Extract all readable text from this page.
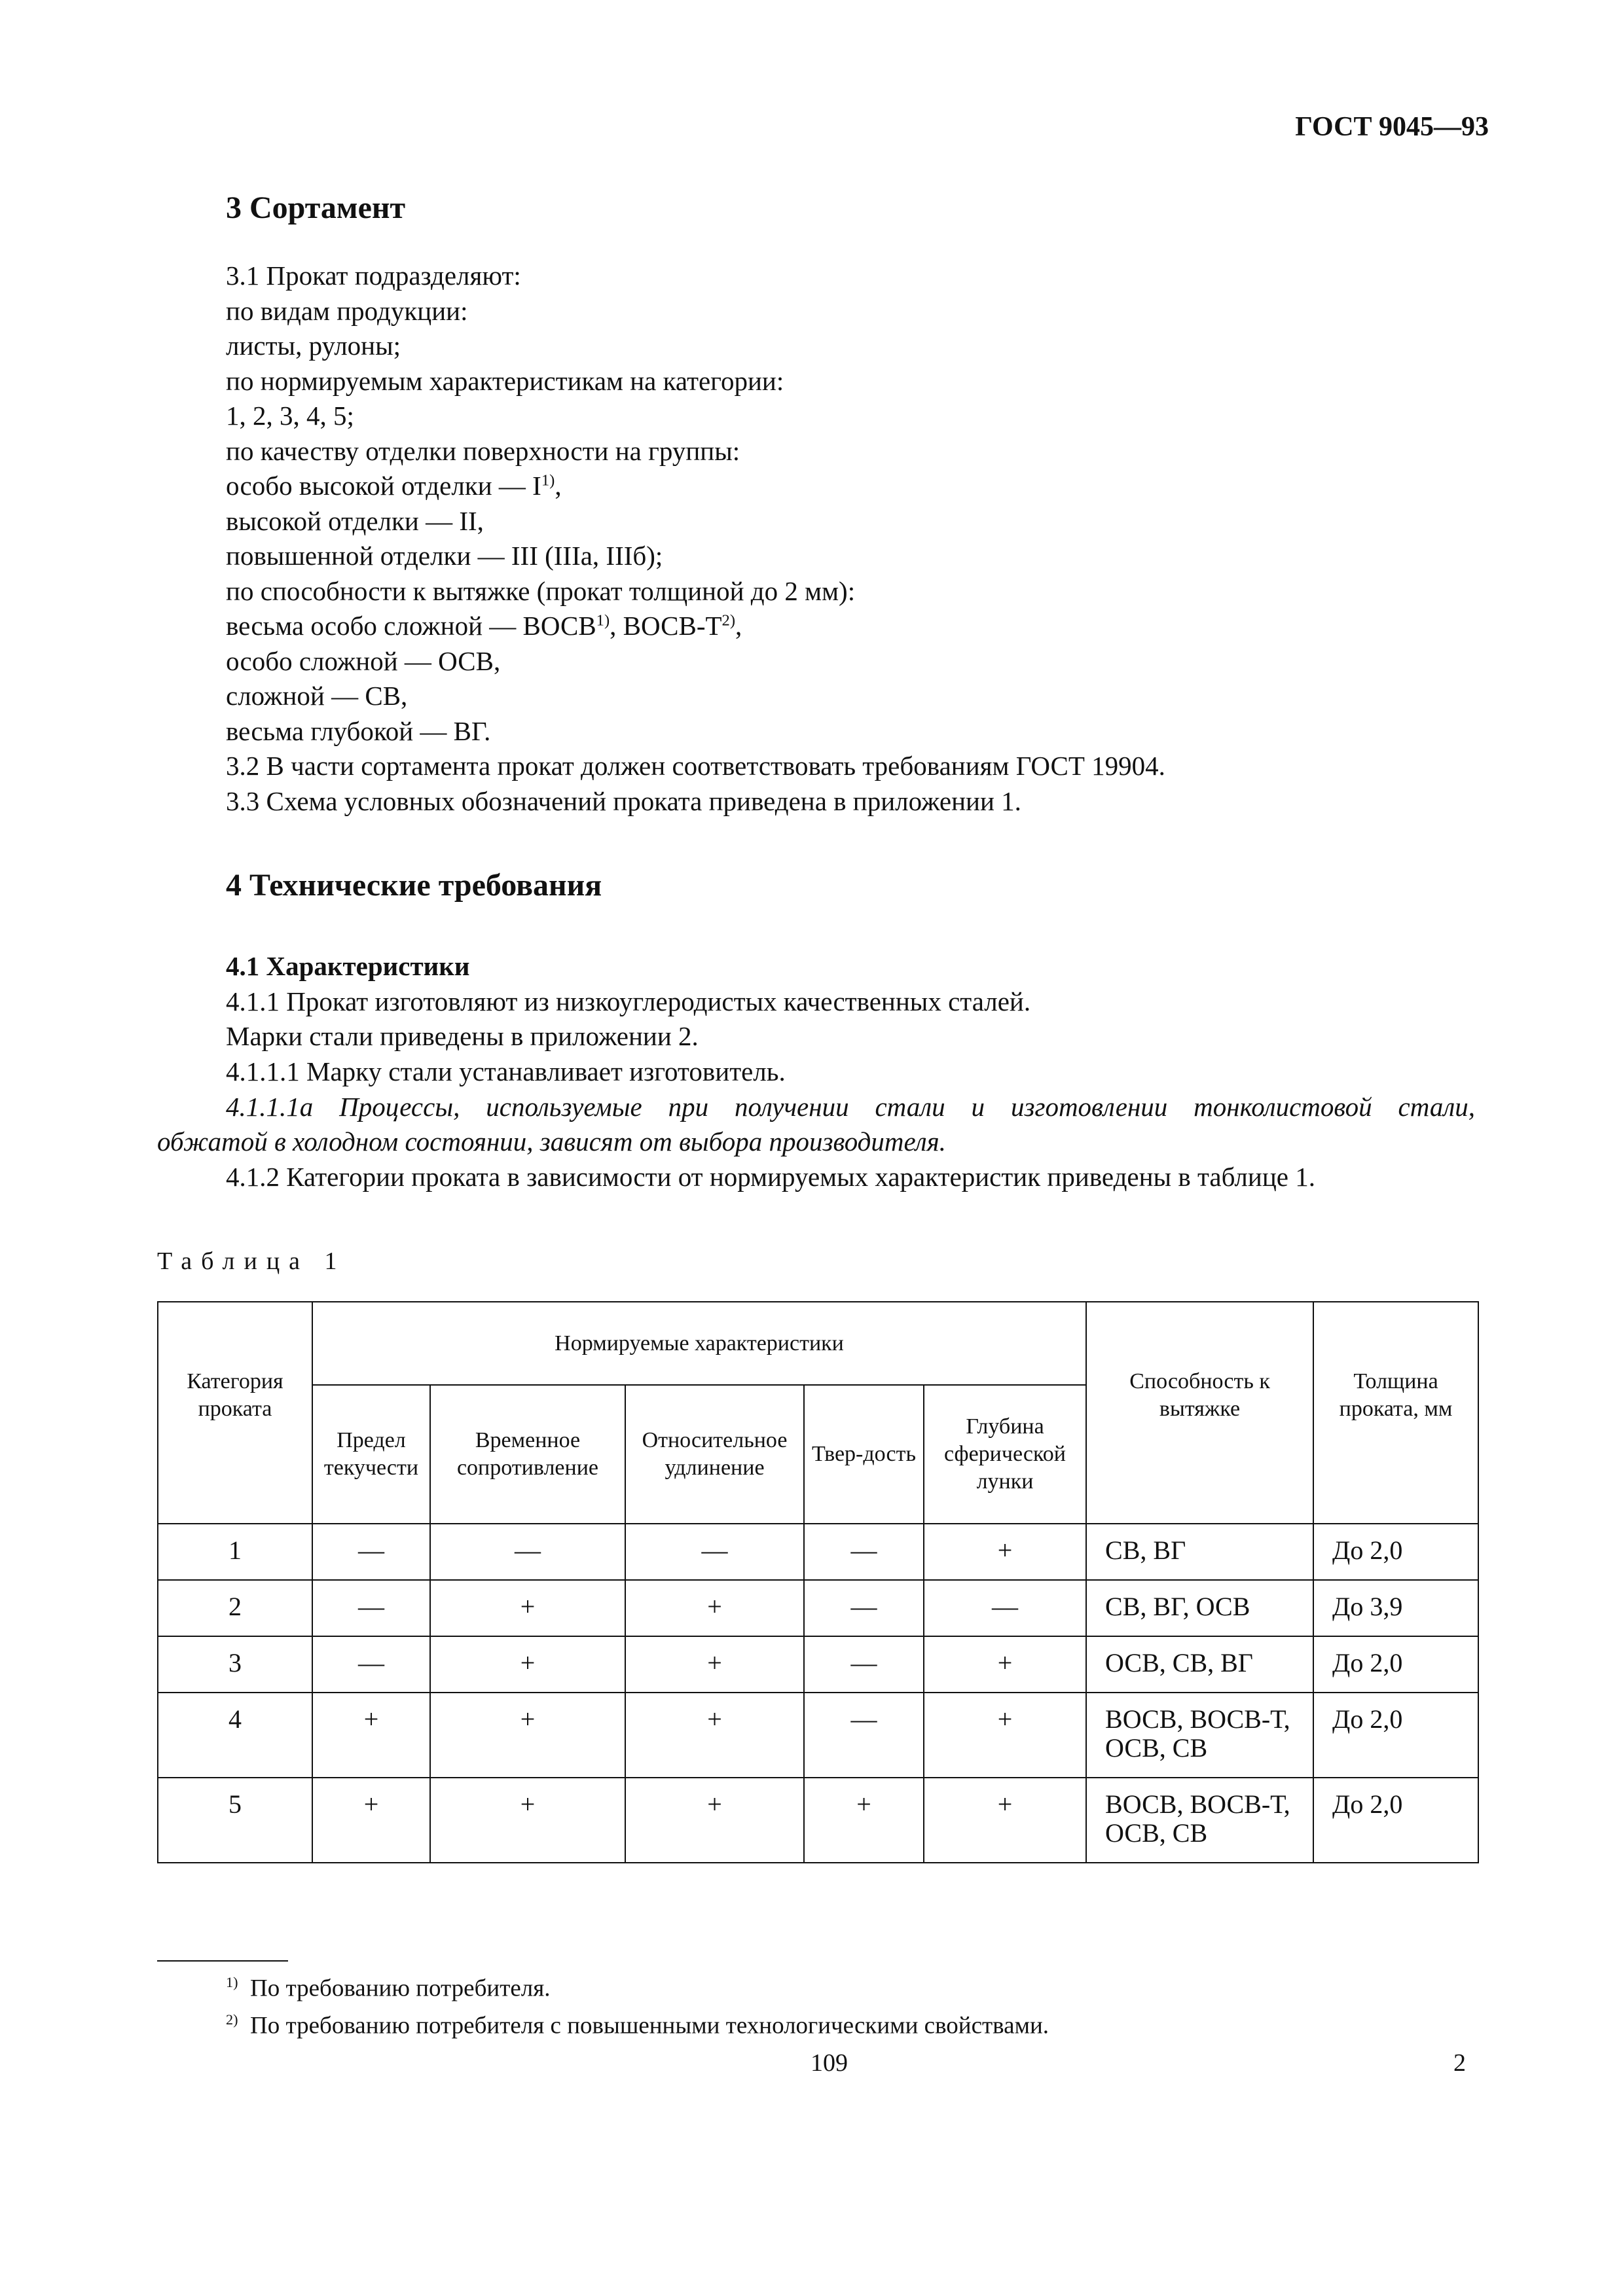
ГОСТ 9045—93
3 Сортамент
3.1 Прокат подразделяют:
по видам продукции:
листы, рулоны;
по нормируемым характеристикам на категории:
1, 2, 3, 4, 5;
по качеству отделки поверхности на группы:
особо высокой отделки — $I^{1)}$,
высокой отделки — II,
повышенной отделки — III (IIIа, IIIб);
по способности к вытяжке (прокат толщиной до 2 мм):
весьма особо сложной — ВОСВ$^{1)}$, ВОСВ-$Т^{2)}$,
особо сложной — ОСВ,
сложной — СВ,
весьма глубокой — ВГ.
3.2 В части сортамента прокат должен соответствовать требованиям ГОСТ 19904.
3.3 Схема условных обозначений проката приведена в приложении 1.
4 Технические требования
4.1 Характеристики
4.1.1 Прокат изготовляют из низкоуглеродистых качественных сталей.
Марки стали приведены в приложении 2.
4.1.1.1 Марку стали устанавливает изготовитель.
4.1.1.1а Процессы, используемые при получении стали и изготовлении тонколистовой стали,
обжатой в холодном состоянии, зависят от выбора производителя.
4.1.2 Категории проката в зависимости от нормируемых характеристик приведены в таблице 1.
Таблица 1
Категория проката	Нормируемые характеристики					Способность к вытяжке	Толщина проката, мм
	Предел текучести	Временное сопротивление	Относительное удлинение	Твер-дость	Глубина сферической лунки		
1	—	—	—	—	+	СВ, ВГ	До 2,0
2	—	+	+	—	—	СВ, ВГ, ОСВ	До 3,9
3	—	+	+	—	+	ОСВ, СВ, ВГ	До 2,0
4	+	+	+	—	+	ВОСВ, ВОСВ-Т, ОСВ, СВ	До 2,0
5	+	+	+	+	+	ВОСВ, ВОСВ-Т, ОСВ, СВ	До 2,0
$^{1)}$ По требованию потребителя.
$^{2)}$ По требованию потребителя с повышенными технологическими свойствами.
109	2
